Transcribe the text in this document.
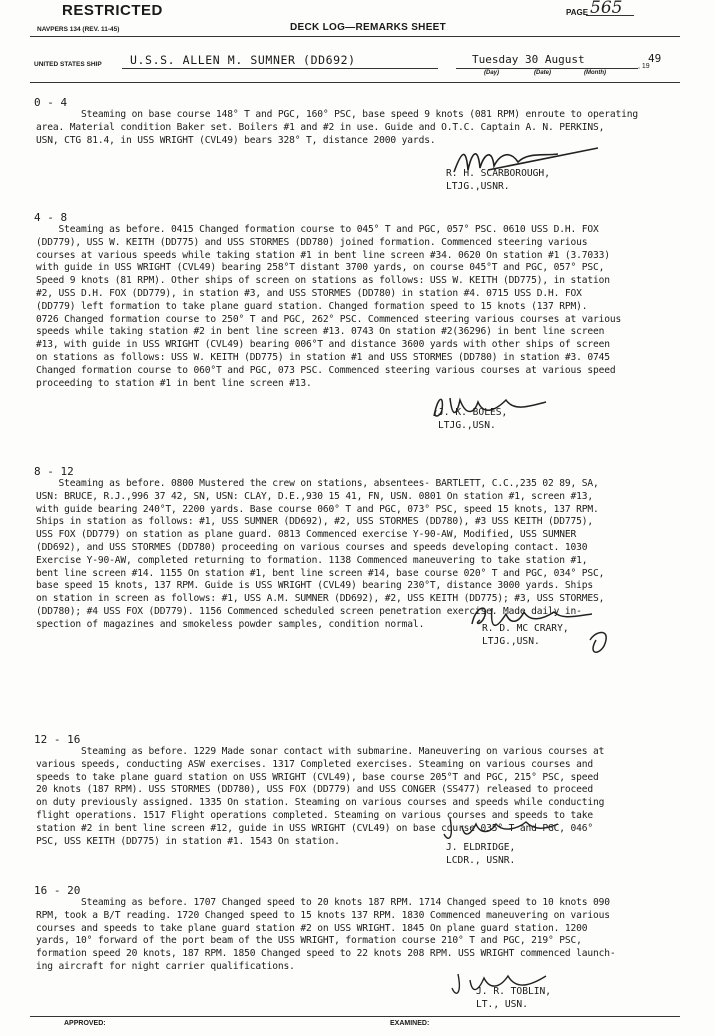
RESTRICTED	PAGE 565
NAVPERS 134 (REV. 11-45)	DECK LOG—REMARKS SHEET
UNITED STATES SHIP U.S.S. ALLEN M. SUMNER (DD692)	Tuesday 30 August
(Day)	(Date)	(Month)
, 19
49
0 - 4
Steaming on base course 148° T and PGC, 160° PSC, base speed 9 knots (081 RPM) enroute to operating
area. Material condition Baker set. Boilers #1 and #2 in use. Guide and O.T.C. Captain A. N. PERKINS,
USN, CTG 81.4, in USS WRIGHT (CVL49) bears 328° T, distance 2000 yards.
R. H. SCARBOROUGH,
LTJG.,USNR.
4 - 8
Steaming as before. 0415 Changed formation course to 045° T and PGC, 057° PSC. 0610 USS D.H. FOX
(DD779), USS W. KEITH (DD775) and USS STORMES (DD780) joined formation. Commenced steering various
courses at various speeds while taking station #1 in bent line screen #34. 0620 On station #1 (3.7033)
with guide in USS WRIGHT (CVL49) bearing 258°T distant 3700 yards, on course 045°T and PGC, 057° PSC,
Speed 9 knots (81 RPM). Other ships of screen on stations as follows: USS W. KEITH (DD775), in station
#2, USS D.H. FOX (DD779), in station #3, and USS STORMES (DD780) in station #4. 0715 USS D.H. FOX
(DD779) left formation to take plane guard station. Changed formation speed to 15 knots (137 RPM).
0726 Changed formation course to 250° T and PGC, 262° PSC. Commenced steering various courses at various
speeds while taking station #2 in bent line screen #13. 0743 On station #2(36296) in bent line screen
#13, with guide in USS WRIGHT (CVL49) bearing 006°T and distance 3600 yards with other ships of screen
on stations as follows: USS W. KEITH (DD775) in station #1 and USS STORMES (DD780) in station #3. 0745
Changed formation course to 060°T and PGC, 073 PSC. Commenced steering various courses at various speed
proceeding to station #1 in bent line screen #13.
J. K. BOLES,
LTJG.,USN.
8 - 12
Steaming as before. 0800 Mustered the crew on stations, absentees- BARTLETT, C.C.,235 02 89, SA,
USN: BRUCE, R.J.,996 37 42, SN, USN: CLAY, D.E.,930 15 41, FN, USN. 0801 On station #1, screen #13,
with guide bearing 240°T, 2200 yards. Base course 060° T and PGC, 073° PSC, speed 15 knots, 137 RPM.
Ships in station as follows: #1, USS SUMNER (DD692), #2, USS STORMES (DD780), #3 USS KEITH (DD775),
USS FOX (DD779) on station as plane guard. 0813 Commenced exercise Y-90-AW, Modified, USS SUMNER
(DD692), and USS STORMES (DD780) proceeding on various courses and speeds developing contact. 1030
Exercise Y-90-AW, completed returning to formation. 1138 Commenced maneuvering to take station #1,
bent line screen #14. 1155 On station #1, bent line screen #14, base course 020° T and PGC, 034° PSC,
base speed 15 knots, 137 RPM. Guide is USS WRIGHT (CVL49) bearing 230°T, distance 3000 yards. Ships
on station in screen as follows: #1, USS A.M. SUMNER (DD692), #2, USS KEITH (DD775); #3, USS STORMES,
(DD780); #4 USS FOX (DD779). 1156 Commenced scheduled screen penetration exercise. Made daily in-
spection of magazines and smokeless powder samples, condition normal.	R. D. MC CRARY,
LTJG.,USN.
12 - 16
Steaming as before. 1229 Made sonar contact with submarine. Maneuvering on various courses at
various speeds, conducting ASW exercises. 1317 Completed exercises. Steaming on various courses and
speeds to take plane guard station on USS WRIGHT (CVL49), base course 205°T and PGC, 215° PSC, speed
20 knots (187 RPM). USS STORMES (DD780), USS FOX (DD779) and USS CONGER (SS477) released to proceed
on duty previously assigned. 1335 On station. Steaming on various courses and speeds while conducting
flight operations. 1517 Flight operations completed. Steaming on various courses and speeds to take
station #2 in bent line screen #12, guide in USS WRIGHT (CVL49) on base course 035° T and PGC, 046°
PSC, USS KEITH (DD775) in station #1. 1543 On station.
J. ELDRIDGE,
LCDR., USNR.
16 - 20
Steaming as before. 1707 Changed speed to 20 knots 187 RPM. 1714 Changed speed to 10 knots 090
RPM, took a B/T reading. 1720 Changed speed to 15 knots 137 RPM. 1830 Commenced maneuvering on various
courses and speeds to take plane guard station #2 on USS WRIGHT. 1845 On plane guard station. 1200
yards, 10° forward of the port beam of the USS WRIGHT, formation course 210° T and PGC, 219° PSC,
formation speed 20 knots, 187 RPM. 1850 Changed speed to 22 knots 208 RPM. USS WRIGHT commenced launch-
ing aircraft for night carrier qualifications.
J. R. TOBLIN,
LT., USN.
APPROVED:	EXAMINED:
